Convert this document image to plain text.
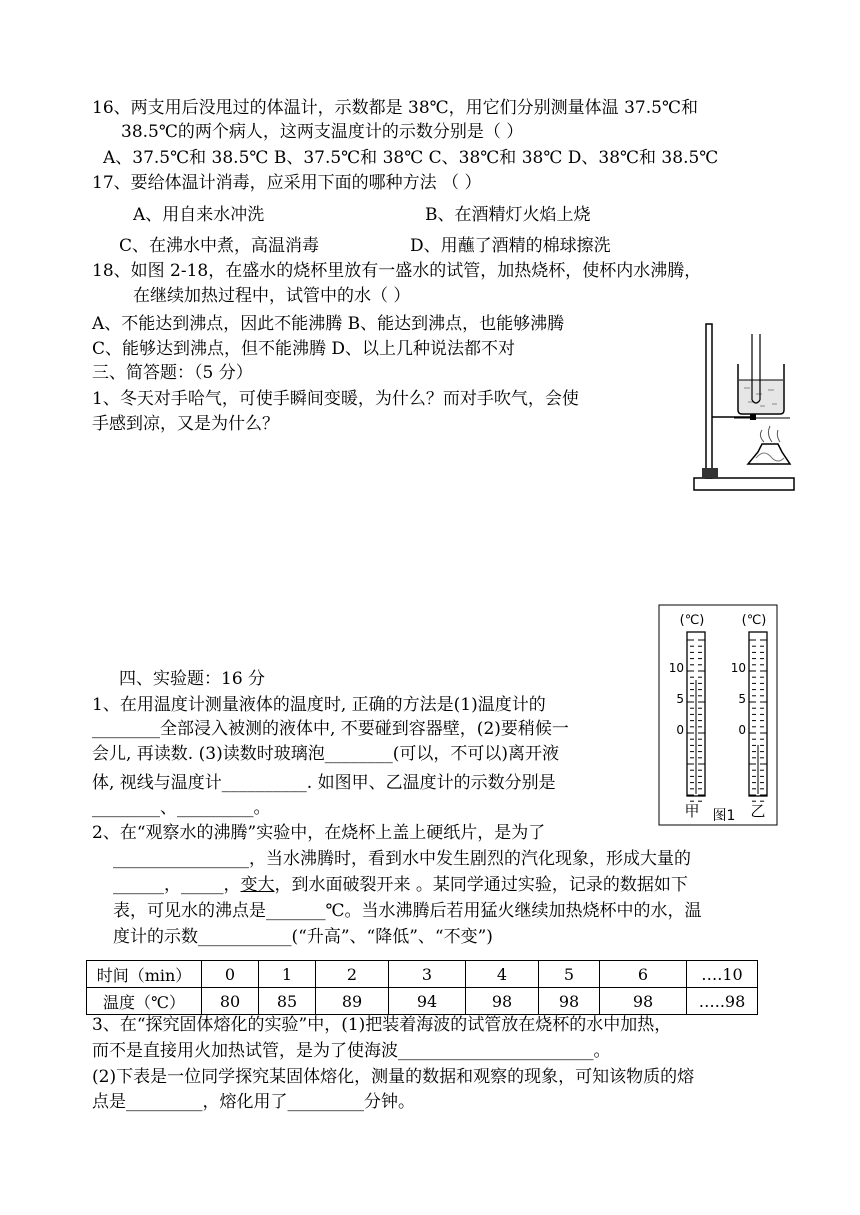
16、两支用后没甩过的体温计，示数都是 38℃，用它们分别测量体温 37.5℃和
38.5℃的两个病人，这两支温度计的示数分别是（ ）
A、37.5℃和 38.5℃ B、37.5℃和 38℃ C、38℃和 38℃ D、38℃和 38.5℃
17、要给体温计消毒，应采用下面的哪种方法 （ ）
A、用自来水冲洗	B、在酒精灯火焰上烧
C、在沸水中煮，高温消毒	D、用蘸了酒精的棉球擦洗
18、如图 2-18，在盛水的烧杯里放有一盛水的试管，加热烧杯，使杯内水沸腾，
在继续加热过程中，试管中的水（ ）
A、不能达到沸点，因此不能沸腾 B、能达到沸点，也能够沸腾
C、能够达到沸点，但不能沸腾 D、以上几种说法都不对
三、简答题：（5 分）
1、冬天对手哈气，可使手瞬间变暖，为什么？而对手吹气，会使
手感到凉，又是为什么？
四、实验题：16 分
1、在用温度计测量液体的温度时, 正确的方法是(1)温度计的
________全部浸入被测的液体中, 不要碰到容器壁，(2)要稍候一
会儿, 再读数. (3)读数时玻璃泡________(可以，不可以)离开液
体, 视线与温度计__________. 如图甲、乙温度计的示数分别是
________、_________。
(℃)	(℃)
10
5
0
10
5
0
甲 图1 乙
2、在“观察水的沸腾”实验中，在烧杯上盖上硬纸片，是为了
________________，当水沸腾时，看到水中发生剧烈的汽化现象，形成大量的
______，_____，变大，到水面破裂开来 。某同学通过实验，记录的数据如下
表，可见水的沸点是_______℃。当水沸腾后若用猛火继续加热烧杯中的水，温
度计的示数___________(“升高”、“降低”、“不变”)
时间（min）	0	1	2	3	4	5	6	….10
温度（℃）	80	85	89	94	98	98	98	…..98
3、在“探究固体熔化的实验”中，(1)把装着海波的试管放在烧杯的水中加热，
而不是直接用火加热试管，是为了使海波_______________________。
(2)下表是一位同学探究某固体熔化，测量的数据和观察的现象，可知该物质的熔
点是_________，熔化用了_________分钟。
